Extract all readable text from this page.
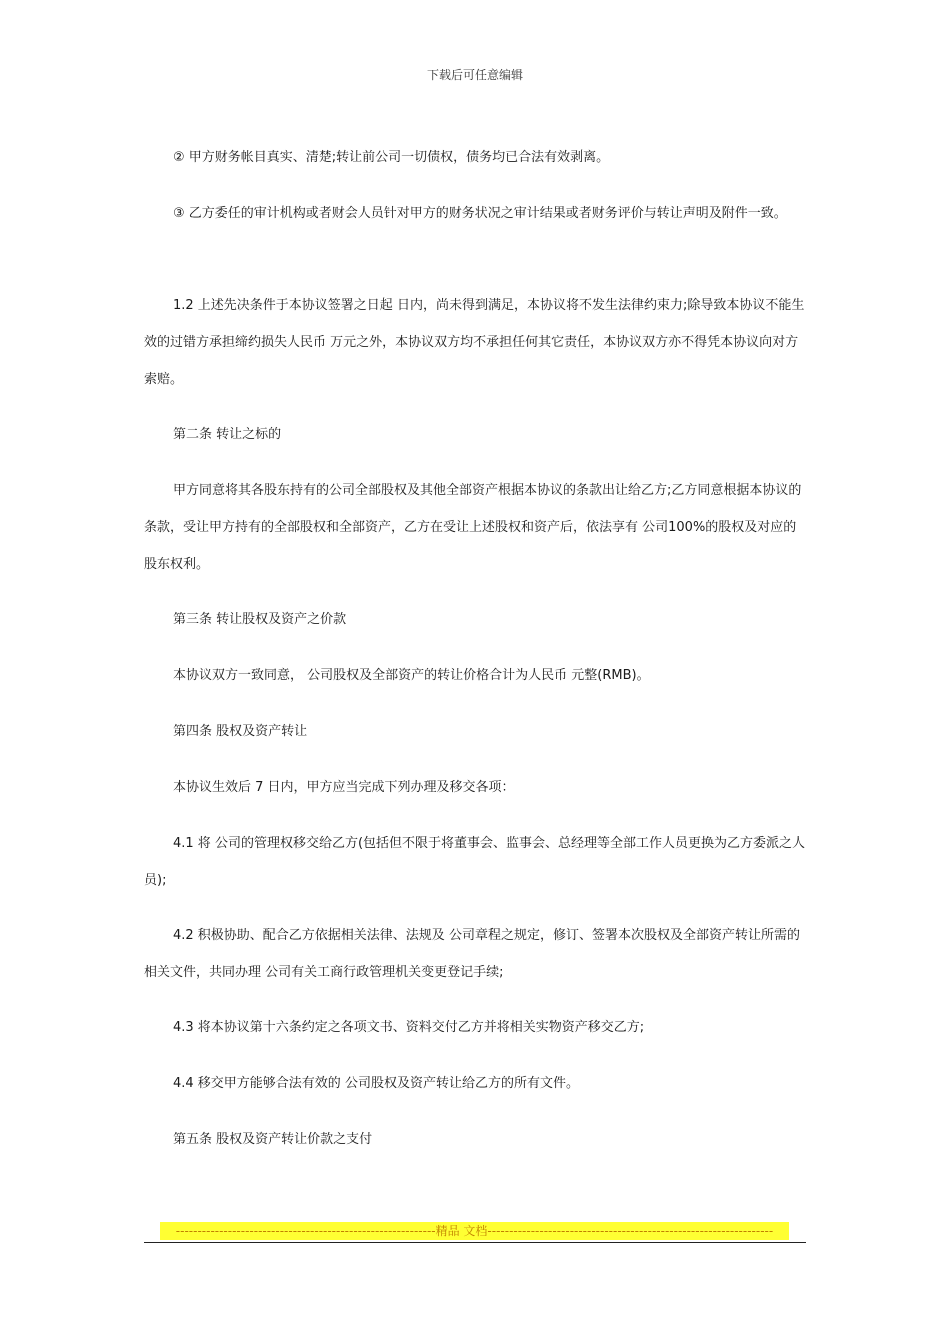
下载后可任意编辑

② 甲方财务帐目真实、清楚;转让前公司一切债权，债务均已合法有效剥离。

③ 乙方委任的审计机构或者财会人员针对甲方的财务状况之审计结果或者财务评价与转让声明及附件一致。

1.2 上述先决条件于本协议签署之日起 日内，尚未得到满足，本协议将不发生法律约束力;除导致本协议不能生效的过错方承担缔约损失人民币 万元之外，本协议双方均不承担任何其它责任，本协议双方亦不得凭本协议向对方索赔。

第二条 转让之标的

甲方同意将其各股东持有的公司全部股权及其他全部资产根据本协议的条款出让给乙方;乙方同意根据本协议的条款，受让甲方持有的全部股权和全部资产，乙方在受让上述股权和资产后，依法享有 公司100%的股权及对应的股东权利。

第三条 转让股权及资产之价款

本协议双方一致同意， 公司股权及全部资产的转让价格合计为人民币 元整(RMB)。

第四条 股权及资产转让

本协议生效后 7 日内，甲方应当完成下列办理及移交各项：

4.1 将 公司的管理权移交给乙方(包括但不限于将董事会、监事会、总经理等全部工作人员更换为乙方委派之人员);

4.2 积极协助、配合乙方依据相关法律、法规及 公司章程之规定，修订、签署本次股权及全部资产转让所需的相关文件，共同办理 公司有关工商行政管理机关变更登记手续;

4.3 将本协议第十六条约定之各项文书、资料交付乙方并将相关实物资产移交乙方;

4.4 移交甲方能够合法有效的 公司股权及资产转让给乙方的所有文件。

第五条 股权及资产转让价款之支付

------------------------------------------------------------精品 文档------------------------------------------------------------------
